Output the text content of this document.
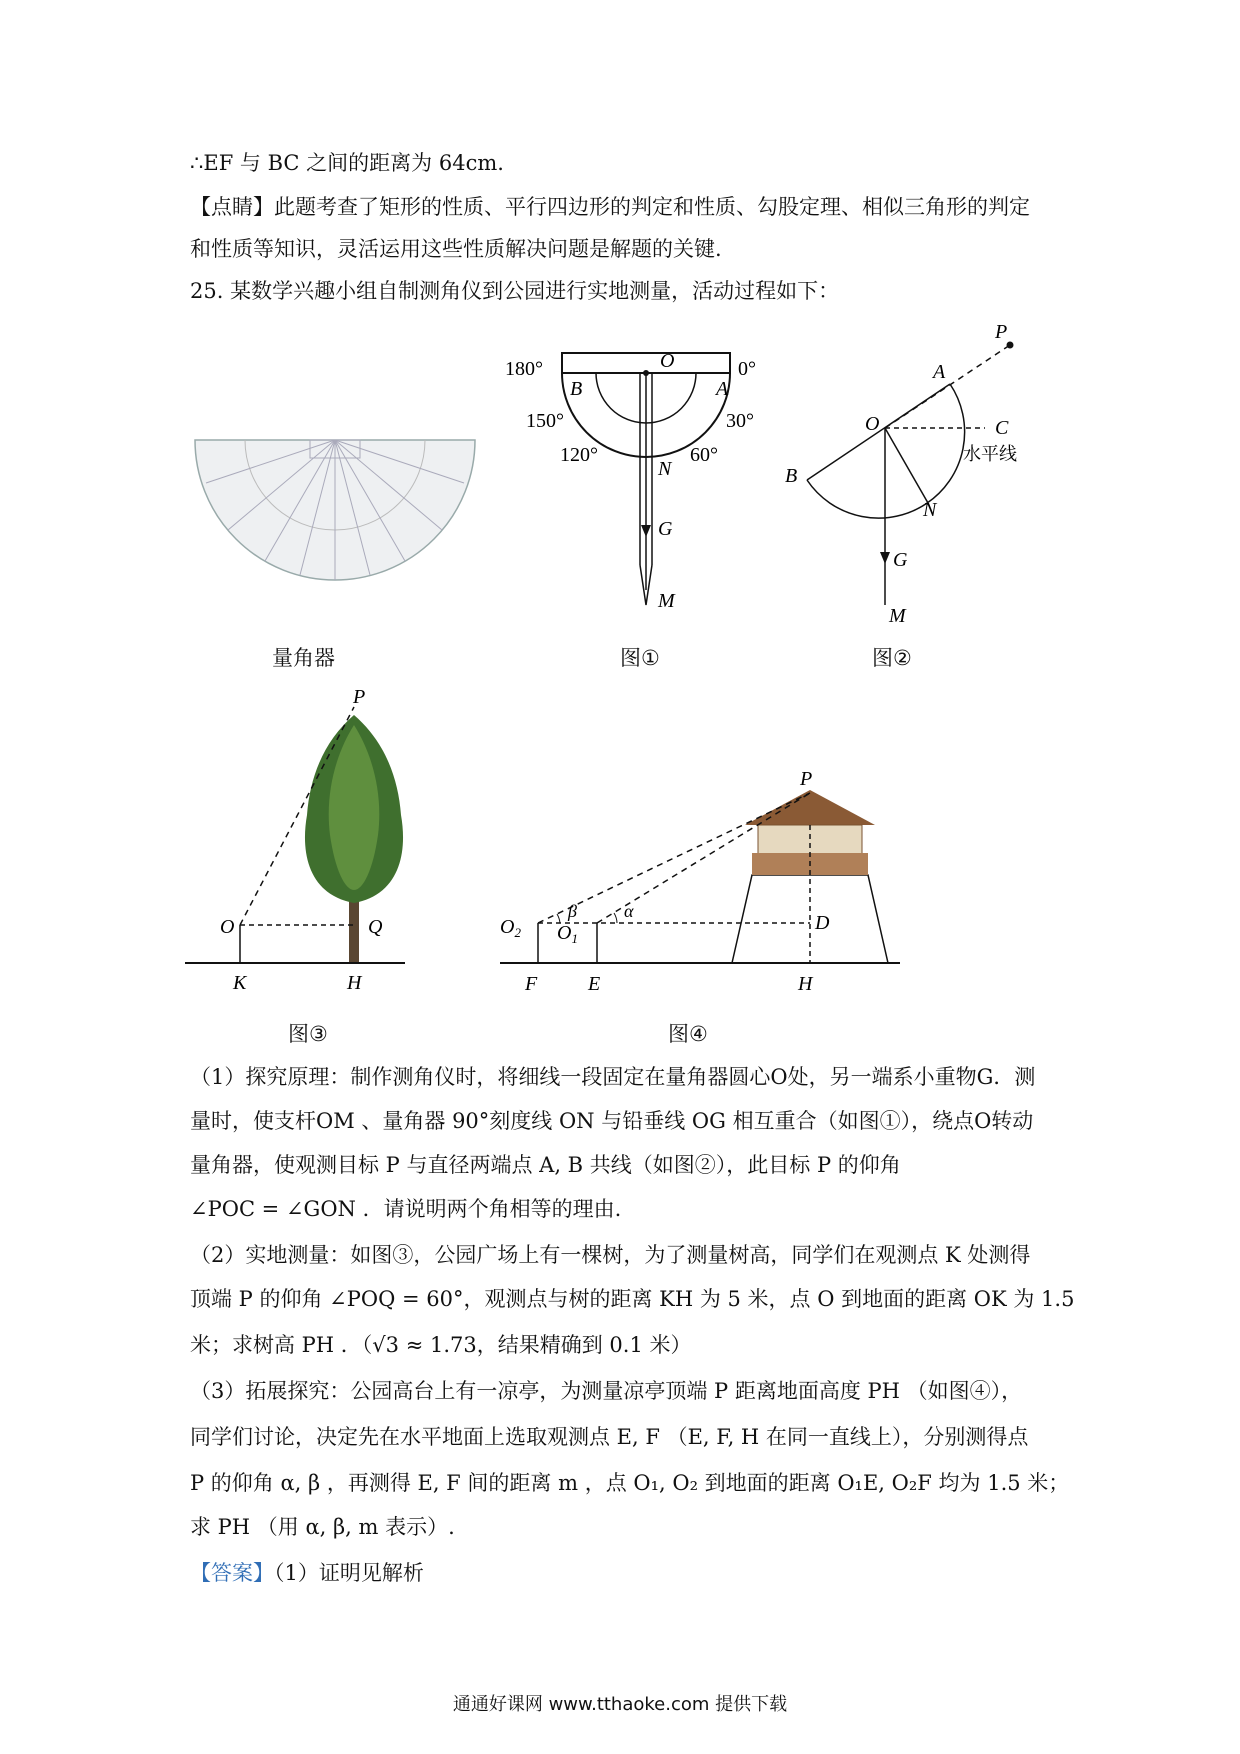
∴EF 与 BC 之间的距离为 64cm.
【点睛】此题考查了矩形的性质、平行四边形的判定和性质、勾股定理、相似三角形的判定
和性质等知识，灵活运用这些性质解决问题是解题的关键.
25. 某数学兴趣小组自制测角仪到公园进行实地测量，活动过程如下：
量角器
180°	0°
150°	30°
120°	60°
O
A
B
N
G
M
图①
P
A
O	C
水平线
B
N
G
M
图②
P
O	Q
K	H
图③
P
$O_2$ $O_1$
β	α
D
F	E	H
图④
（1）探究原理：制作测角仪时，将细线一段固定在量角器圆心O处，另一端系小重物G．测
量时，使支杆OM 、量角器 90°刻度线 ON 与铅垂线 OG 相互重合（如图①），绕点O转动
量角器，使观测目标 P 与直径两端点 A, B 共线（如图②），此目标 P 的仰角
∠POC = ∠GON ．请说明两个角相等的理由.
（2）实地测量：如图③，公园广场上有一棵树，为了测量树高，同学们在观测点 K 处测得
顶端 P 的仰角 ∠POQ = 60°，观测点与树的距离 KH 为 5 米，点 O 到地面的距离 OK 为 1.5
米；求树高 PH ．（√3 ≈ 1.73，结果精确到 0.1 米）
（3）拓展探究：公园高台上有一凉亭，为测量凉亭顶端 P 距离地面高度 PH （如图④），
同学们讨论，决定先在水平地面上选取观测点 E, F （E, F, H 在同一直线上），分别测得点
P 的仰角 α, β ，再测得 E, F 间的距离 m ，点 O₁, O₂ 到地面的距离 O₁E, O₂F 均为 1.5 米；
求 PH （用 α, β, m 表示）.
【答案】（1）证明见解析
通通好课网 www.tthaoke.com 提供下载
